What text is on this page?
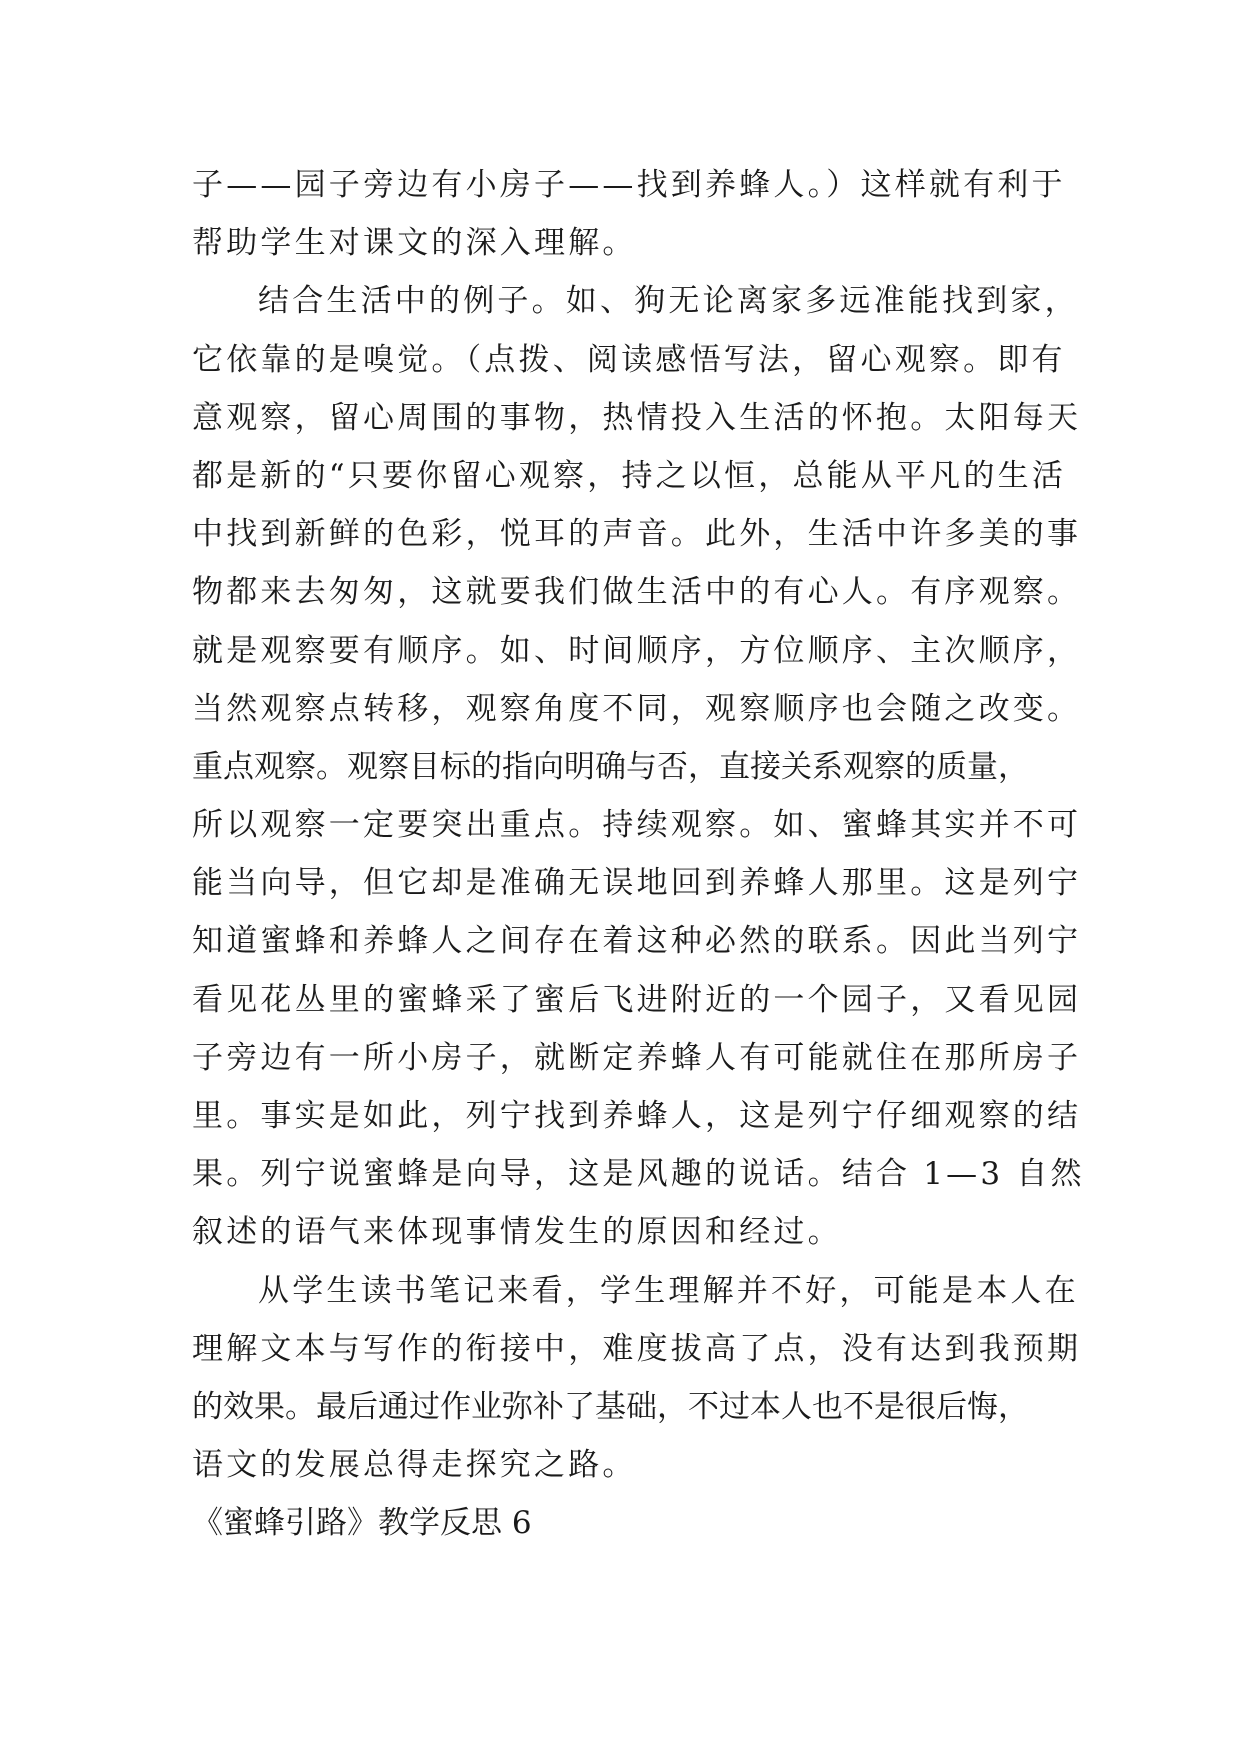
子——园子旁边有小房子——找到养蜂人。）这样就有利于
帮助学生对课文的深入理解。
结合生活中的例子。如、狗无论离家多远准能找到家，
它依靠的是嗅觉。（点拨、阅读感悟写法，留心观察。即有
意观察，留心周围的事物，热情投入生活的怀抱。太阳每天
都是新的“只要你留心观察，持之以恒，总能从平凡的生活
中找到新鲜的色彩，悦耳的声音。此外，生活中许多美的事
物都来去匆匆，这就要我们做生活中的有心人。有序观察。
就是观察要有顺序。如、时间顺序，方位顺序、主次顺序，
当然观察点转移，观察角度不同，观察顺序也会随之改变。
重点观察。观察目标的指向明确与否，直接关系观察的质量，
所以观察一定要突出重点。持续观察。如、蜜蜂其实并不可
能当向导，但它却是准确无误地回到养蜂人那里。这是列宁
知道蜜蜂和养蜂人之间存在着这种必然的联系。因此当列宁
看见花丛里的蜜蜂采了蜜后飞进附近的一个园子，又看见园
子旁边有一所小房子，就断定养蜂人有可能就住在那所房子
里。事实是如此，列宁找到养蜂人，这是列宁仔细观察的结
果。列宁说蜜蜂是向导，这是风趣的说话。结合 1—3 自然
叙述的语气来体现事情发生的原因和经过。
从学生读书笔记来看，学生理解并不好，可能是本人在
理解文本与写作的衔接中，难度拔高了点，没有达到我预期
的效果。最后通过作业弥补了基础，不过本人也不是很后悔，
语文的发展总得走探究之路。
《蜜蜂引路》教学反思 6
